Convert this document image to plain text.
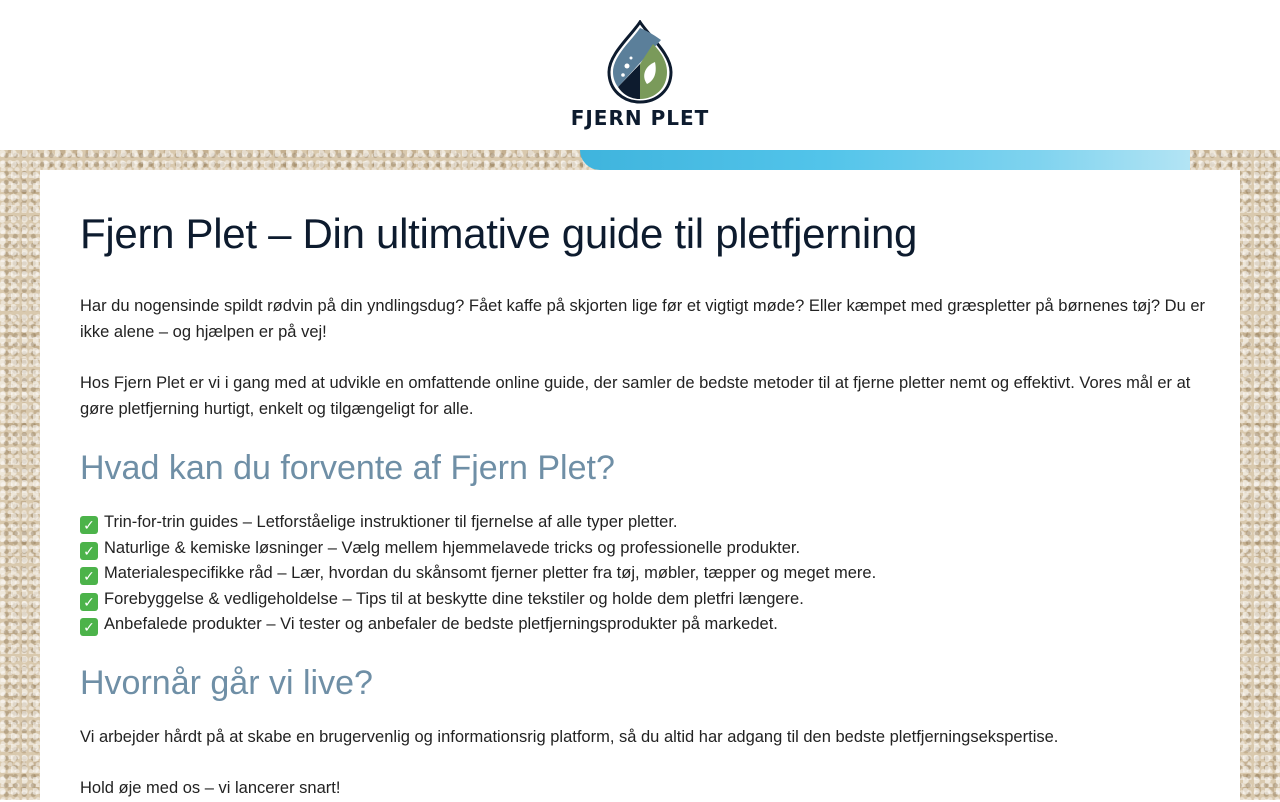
FJERN PLET
Fjern Plet – Din ultimative guide til pletfjerning

Har du nogensinde spildt rødvin på din yndlingsdug? Fået kaffe på skjorten lige før et vigtigt møde? Eller kæmpet med græspletter på børnenes tøj? Du er ikke alene – og hjælpen er på vej!

Hos Fjern Plet er vi i gang med at udvikle en omfattende online guide, der samler de bedste metoder til at fjerne pletter nemt og effektivt. Vores mål er at gøre pletfjerning hurtigt, enkelt og tilgængeligt for alle.

Hvad kan du forvente af Fjern Plet?
✓ Trin-for-trin guides – Letforståelige instruktioner til fjernelse af alle typer pletter.
✓ Naturlige & kemiske løsninger – Vælg mellem hjemmelavede tricks og professionelle produkter.
✓ Materialespecifikke råd – Lær, hvordan du skånsomt fjerner pletter fra tøj, møbler, tæpper og meget mere.
✓ Forebyggelse & vedligeholdelse – Tips til at beskytte dine tekstiler og holde dem pletfri længere.
✓ Anbefalede produkter – Vi tester og anbefaler de bedste pletfjerningsprodukter på markedet.
Hvornår går vi live?

Vi arbejder hårdt på at skabe en brugervenlig og informationsrig platform, så du altid har adgang til den bedste pletfjerningsekspertise.

Hold øje med os – vi lancerer snart!
